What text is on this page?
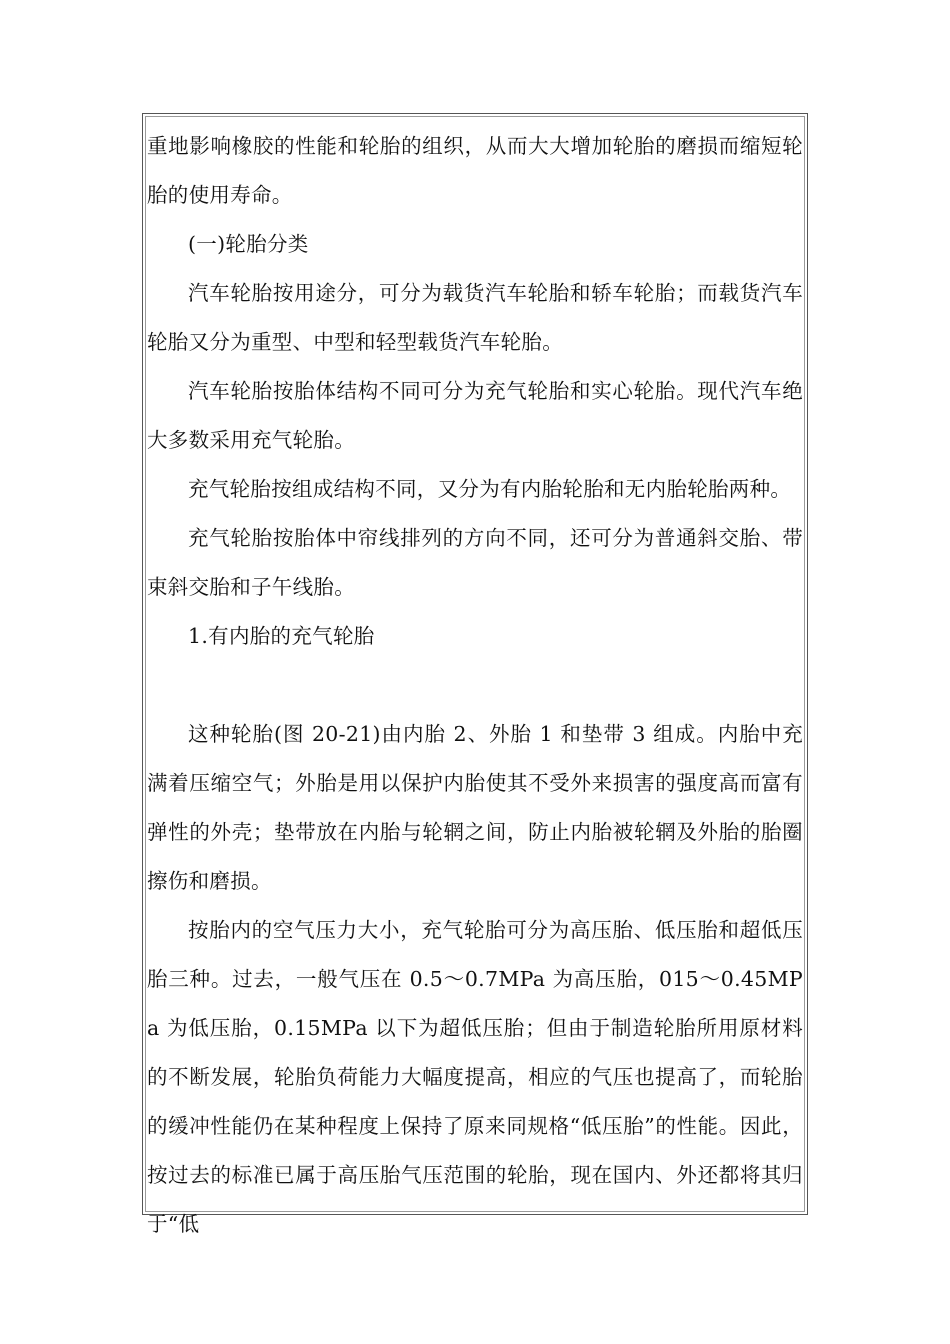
重地影响橡胶的性能和轮胎的组织，从而大大增加轮胎的磨损而缩短轮胎的使用寿命。

(一)轮胎分类

汽车轮胎按用途分，可分为载货汽车轮胎和轿车轮胎；而载货汽车轮胎又分为重型、中型和轻型载货汽车轮胎。

汽车轮胎按胎体结构不同可分为充气轮胎和实心轮胎。现代汽车绝大多数采用充气轮胎。

充气轮胎按组成结构不同，又分为有内胎轮胎和无内胎轮胎两种。

充气轮胎按胎体中帘线排列的方向不同，还可分为普通斜交胎、带束斜交胎和子午线胎。

1.有内胎的充气轮胎

这种轮胎(图 20-21)由内胎 2、外胎 1 和垫带 3 组成。内胎中充满着压缩空气；外胎是用以保护内胎使其不受外来损害的强度高而富有弹性的外壳；垫带放在内胎与轮辋之间，防止内胎被轮辋及外胎的胎圈擦伤和磨损。

按胎内的空气压力大小，充气轮胎可分为高压胎、低压胎和超低压胎三种。过去，一般气压在 0.5～0.7MPa 为高压胎，015～0.45MPa 为低压胎，0.15MPa 以下为超低压胎；但由于制造轮胎所用原材料的不断发展，轮胎负荷能力大幅度提高，相应的气压也提高了，而轮胎的缓冲性能仍在某种程度上保持了原来同规格“低压胎”的性能。因此，按过去的标准已属于高压胎气压范围的轮胎，现在国内、外还都将其归于“低
